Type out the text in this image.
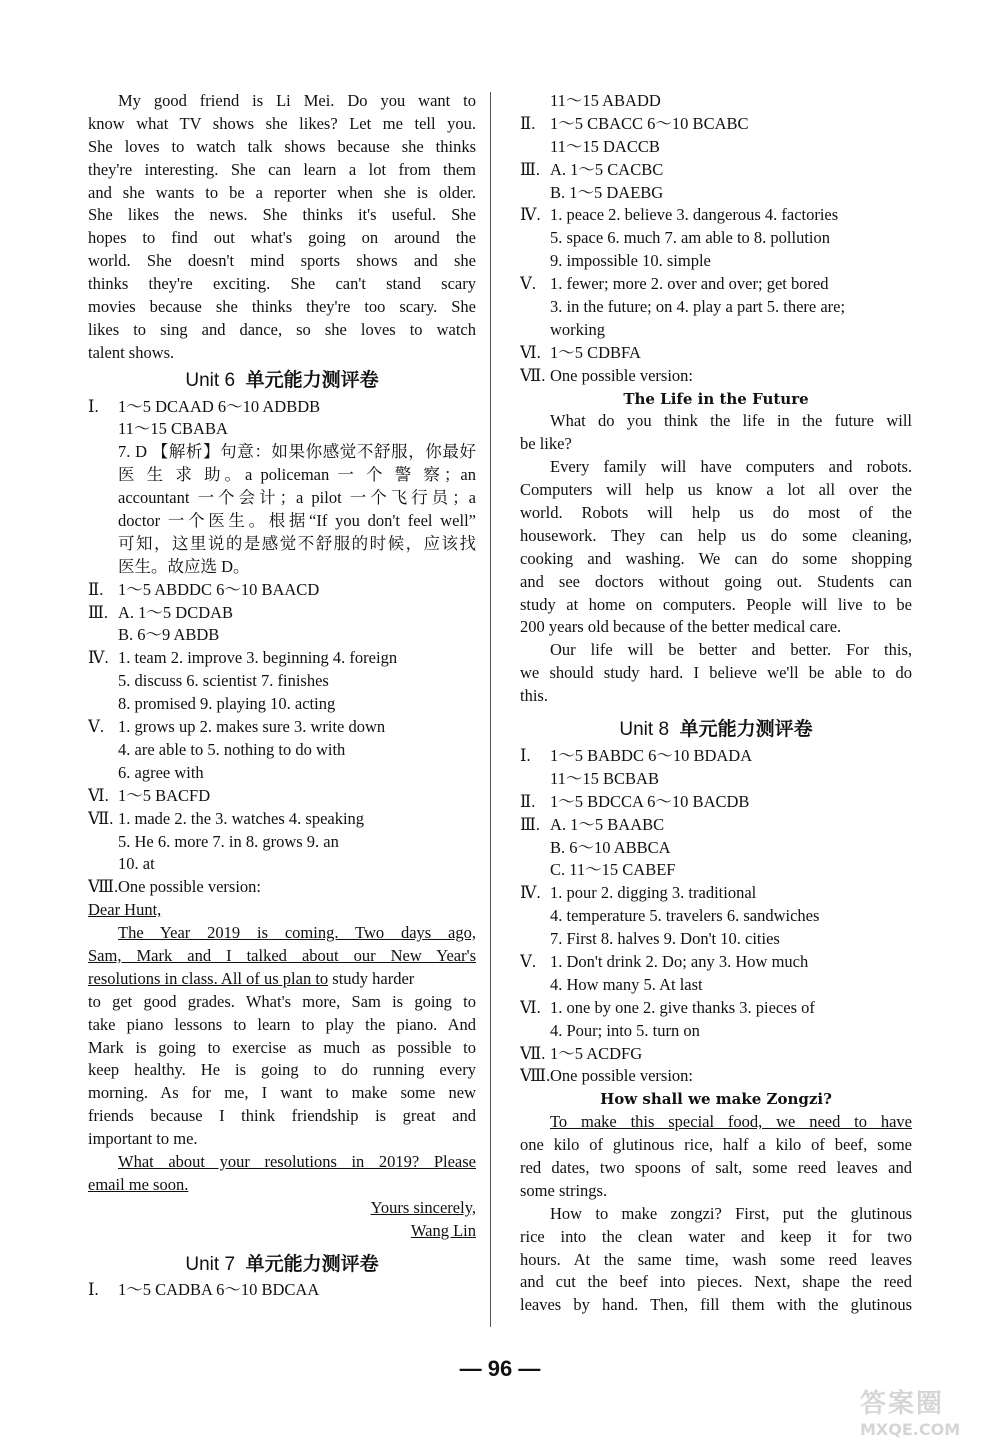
My good friend is Li Mei. Do you want to
know what TV shows she likes? Let me tell you.
She loves to watch talk shows because she thinks
they're interesting. She can learn a lot from them
and she wants to be a reporter when she is older.
She likes the news. She thinks it's useful. She
hopes to find out what's going on around the
world. She doesn't mind sports shows and she
thinks they're exciting. She can't stand scary
movies because she thinks they're too scary. She
likes to sing and dance, so she loves to watch
talent shows.
Unit 6 单元能力测评卷
Ⅰ. 1～5 DCAAD 6～10 ADBDB
11～15 CBABA
7. D 【解析】句意：如果你感觉不舒服，你最好
医 生 求 助。a policeman 一 个 警 察；an
accountant 一个会计；a pilot 一个飞行员；a
doctor 一个医生。根据“If you don't feel well”
可知，这里说的是感觉不舒服的时候，应该找
医生。故应选 D。
Ⅱ. 1～5 ABDDC 6～10 BAACD
Ⅲ. A. 1～5 DCDAB
B. 6～9 ABDB
Ⅳ. 1. team 2. improve 3. beginning 4. foreign
5. discuss 6. scientist 7. finishes
8. promised 9. playing 10. acting
Ⅴ. 1. grows up 2. makes sure 3. write down
4. are able to 5. nothing to do with
6. agree with
Ⅵ. 1～5 BACFD
Ⅶ. 1. made 2. the 3. watches 4. speaking
5. He 6. more 7. in 8. grows 9. an
10. at
Ⅷ.One possible version:
Dear Hunt,
The Year 2019 is coming. Two days ago,
Sam, Mark and I talked about our New Year's
resolutions in class. All of us plan to study harder
to get good grades. What's more, Sam is going to
take piano lessons to learn to play the piano. And
Mark is going to exercise as much as possible to
keep healthy. He is going to do running every
morning. As for me, I want to make some new
friends because I think friendship is great and
important to me.
What about your resolutions in 2019? Please
email me soon.
Yours sincerely,
Wang Lin
Unit 7 单元能力测评卷
Ⅰ. 1～5 CADBA 6～10 BDCAA
11～15 ABADD
Ⅱ. 1～5 CBACC 6～10 BCABC
11～15 DACCB
Ⅲ. A. 1～5 CACBC
B. 1～5 DAEBG
Ⅳ. 1. peace 2. believe 3. dangerous 4. factories
5. space 6. much 7. am able to 8. pollution
9. impossible 10. simple
Ⅴ. 1. fewer; more 2. over and over; get bored
3. in the future; on 4. play a part 5. there are;
working
Ⅵ. 1～5 CDBFA
Ⅶ. One possible version:
The Life in the Future
What do you think the life in the future will
be like?
Every family will have computers and robots.
Computers will help us know a lot all over the
world. Robots will help us do most of the
housework. They can help us do some cleaning,
cooking and washing. We can do some shopping
and see doctors without going out. Students can
study at home on computers. People will live to be
200 years old because of the better medical care.
Our life will be better and better. For this,
we should study hard. I believe we'll be able to do
this.
Unit 8 单元能力测评卷
Ⅰ. 1～5 BABDC 6～10 BDADA
11～15 BCBAB
Ⅱ. 1～5 BDCCA 6～10 BACDB
Ⅲ. A. 1～5 BAABC
B. 6～10 ABBCA
C. 11～15 CABEF
Ⅳ. 1. pour 2. digging 3. traditional
4. temperature 5. travelers 6. sandwiches
7. First 8. halves 9. Don't 10. cities
Ⅴ. 1. Don't drink 2. Do; any 3. How much
4. How many 5. At last
Ⅵ. 1. one by one 2. give thanks 3. pieces of
4. Pour; into 5. turn on
Ⅶ. 1～5 ACDFG
Ⅷ.One possible version:
How shall we make Zongzi?
To make this special food, we need to have
one kilo of glutinous rice, half a kilo of beef, some
red dates, two spoons of salt, some reed leaves and
some strings.
How to make zongzi? First, put the glutinous
rice into the clean water and keep it for two
hours. At the same time, wash some reed leaves
and cut the beef into pieces. Next, shape the reed
leaves by hand. Then, fill them with the glutinous
— 96 —
答案圈
MXQE.COM
